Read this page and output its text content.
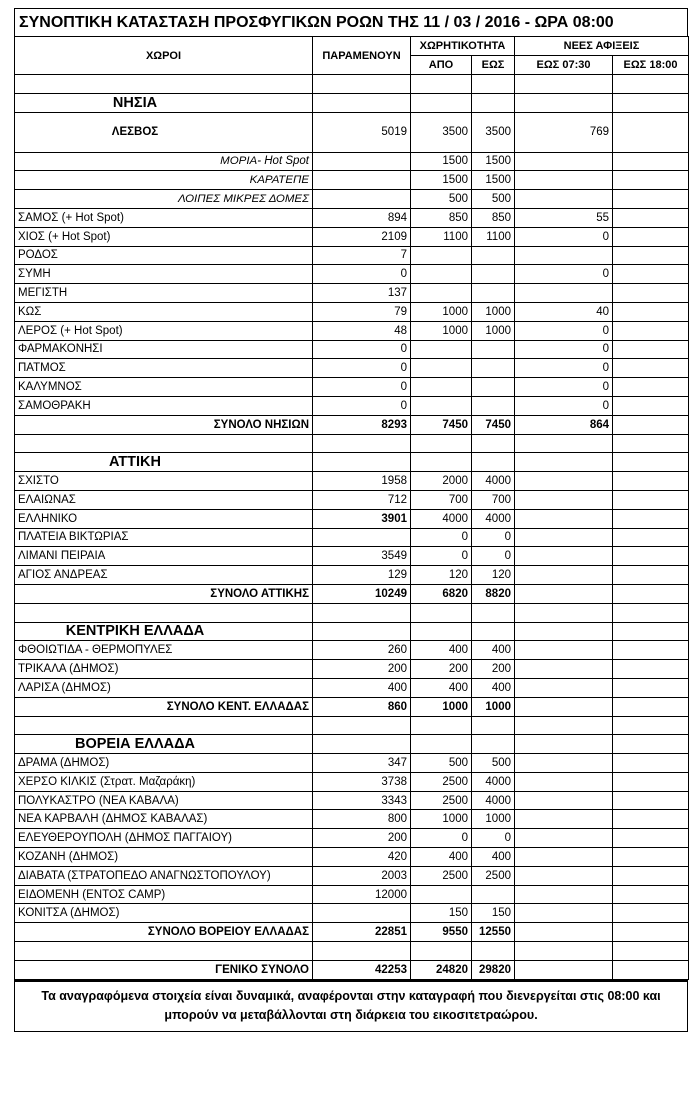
ΣΥΝΟΠΤΙΚΗ ΚΑΤΑΣΤΑΣΗ ΠΡΟΣΦΥΓΙΚΩΝ ΡΟΩΝ ΤΗΣ 11 / 03 / 2016 - ΩΡΑ 08:00
ΧΩΡΟΙ	ΠΑΡΑΜΕΝΟΥΝ	ΧΩΡΗΤΙΚΟΤΗΤΑ		ΝΕΕΣ ΑΦΙΞΕΙΣ	
		ΑΠΟ	ΕΩΣ	ΕΩΣ 07:30	ΕΩΣ 18:00

ΝΗΣΙΑ					
ΛΕΣΒΟΣ	5019	3500	3500	769	
ΜΟΡΙΑ- Hot Spot		1500	1500		
ΚΑΡΑΤΕΠΕ		1500	1500		
ΛΟΙΠΕΣ ΜΙΚΡΕΣ ΔΟΜΕΣ		500	500		
ΣΑΜΟΣ (+ Hot Spot)	894	850	850	55	
ΧΙΟΣ (+ Hot Spot)	2109	1100	1100	0	
ΡΟΔΟΣ	7				
ΣΥΜΗ	0			0	
ΜΕΓΙΣΤΗ	137				
ΚΩΣ	79	1000	1000	40	
ΛΕΡΟΣ (+ Hot Spot)	48	1000	1000	0	
ΦΑΡΜΑΚΟΝΗΣΙ	0			0	
ΠΑΤΜΟΣ	0			0	
ΚΑΛΥΜΝΟΣ	0			0	
ΣΑΜΟΘΡΑΚΗ	0			0	
ΣΥΝΟΛΟ ΝΗΣΙΩΝ	8293	7450	7450	864	

ΑΤΤΙΚΗ					
ΣΧΙΣΤΟ	1958	2000	4000		
ΕΛΑΙΩΝΑΣ	712	700	700		
ΕΛΛΗΝΙΚΟ	3901	4000	4000		
ΠΛΑΤΕΙΑ ΒΙΚΤΩΡΙΑΣ		0	0		
ΛΙΜΑΝΙ ΠΕΙΡΑΙΑ	3549	0	0		
ΑΓΙΟΣ ΑΝΔΡΕΑΣ	129	120	120		
ΣΥΝΟΛΟ ΑΤΤΙΚΗΣ	10249	6820	8820		

ΚΕΝΤΡΙΚΗ ΕΛΛΑΔΑ					
ΦΘΟΙΩΤΙΔΑ - ΘΕΡΜΟΠΥΛΕΣ	260	400	400		
ΤΡΙΚΑΛΑ (ΔΗΜΟΣ)	200	200	200		
ΛΑΡΙΣΑ (ΔΗΜΟΣ)	400	400	400		
ΣΥΝΟΛΟ ΚΕΝΤ. ΕΛΛΑΔΑΣ	860	1000	1000		

ΒΟΡΕΙΑ ΕΛΛΑΔΑ					
ΔΡΑΜΑ (ΔΗΜΟΣ)	347	500	500		
ΧΕΡΣΟ ΚΙΛΚΙΣ (Στρατ. Μαζαράκη)	3738	2500	4000		
ΠΟΛΥΚΑΣΤΡΟ (ΝΕΑ ΚΑΒΑΛΑ)	3343	2500	4000		
ΝΕΑ ΚΑΡΒΑΛΗ (ΔΗΜΟΣ ΚΑΒΑΛΑΣ)	800	1000	1000		
ΕΛΕΥΘΕΡΟΥΠΟΛΗ (ΔΗΜΟΣ ΠΑΓΓΑΙΟΥ)	200	0	0		
ΚΟΖΑΝΗ (ΔΗΜΟΣ)	420	400	400		
ΔΙΑΒΑΤΑ (ΣΤΡΑΤΟΠΕΔΟ ΑΝΑΓΝΩΣΤΟΠΟΥΛΟΥ)	2003	2500	2500		
ΕΙΔΟΜΕΝΗ (ΕΝΤΟΣ CAMP)	12000				
ΚΟΝΙΤΣΑ (ΔΗΜΟΣ)		150	150		
ΣΥΝΟΛΟ ΒΟΡΕΙΟΥ ΕΛΛΑΔΑΣ	22851	9550	12550		

ΓΕΝΙΚΟ ΣΥΝΟΛΟ	42253	24820	29820		
Τα αναγραφόμενα στοιχεία είναι δυναμικά, αναφέρονται στην καταγραφή που διενεργείται στις 08:00 και μπορούν να μεταβάλλονται στη διάρκεια του εικοσιτετραώρου.
